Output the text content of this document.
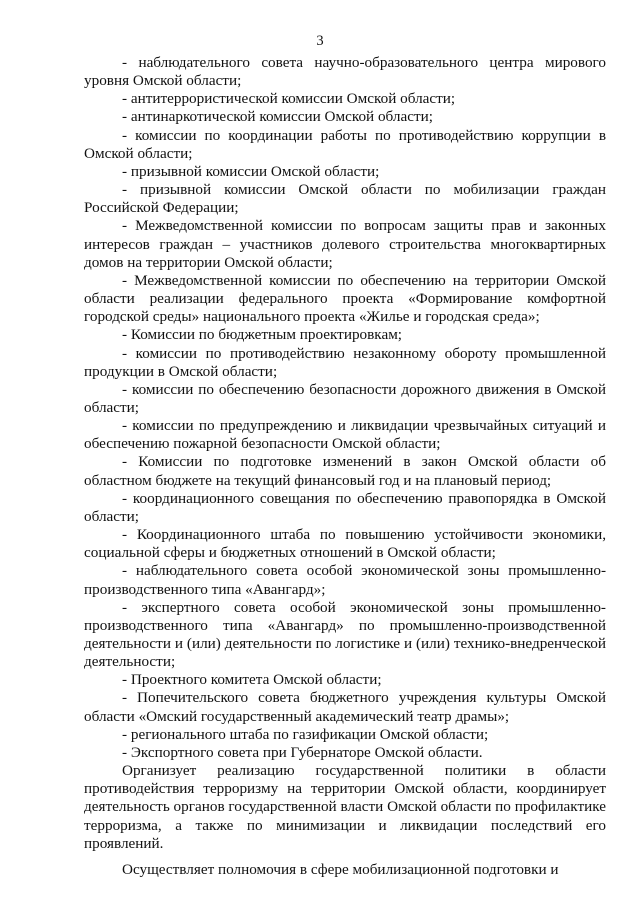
3

- наблюдательного совета научно-образовательного центра мирового уровня Омской области;

- антитеррористической комиссии Омской области;

- антинаркотической комиссии Омской области;

- комиссии по координации работы по противодействию коррупции в Омской области;

- призывной комиссии Омской области;

- призывной комиссии Омской области по мобилизации граждан Российской Федерации;

- Межведомственной комиссии по вопросам защиты прав и законных интересов граждан – участников долевого строительства многоквартирных домов на территории Омской области;

- Межведомственной комиссии по обеспечению на территории Омской области реализации федерального проекта «Формирование комфортной городской среды» национального проекта «Жилье и городская среда»;

- Комиссии по бюджетным проектировкам;

- комиссии по противодействию незаконному обороту промышленной продукции в Омской области;

- комиссии по обеспечению безопасности дорожного движения в Омской области;

- комиссии по предупреждению и ликвидации чрезвычайных ситуаций и обеспечению пожарной безопасности Омской области;

- Комиссии по подготовке изменений в закон Омской области об областном бюджете на текущий финансовый год и на плановый период;

- координационного совещания по обеспечению правопорядка в Омской области;

- Координационного штаба по повышению устойчивости экономики, социальной сферы и бюджетных отношений в Омской области;

- наблюдательного совета особой экономической зоны промышленно-производственного типа «Авангард»;

- экспертного совета особой экономической зоны промышленно-производственного типа «Авангард» по промышленно-производственной деятельности и (или) деятельности по логистике и (или) технико-внедренческой деятельности;

- Проектного комитета Омской области;

- Попечительского совета бюджетного учреждения культуры Омской области «Омский государственный академический театр драмы»;

- регионального штаба по газификации Омской области;

- Экспортного совета при Губернаторе Омской области.

Организует реализацию государственной политики в области противодействия терроризму на территории Омской области, координирует деятельность органов государственной власти Омской области по профилактике терроризма, а также по минимизации и ликвидации последствий его проявлений.

Осуществляет полномочия в сфере мобилизационной подготовки и
